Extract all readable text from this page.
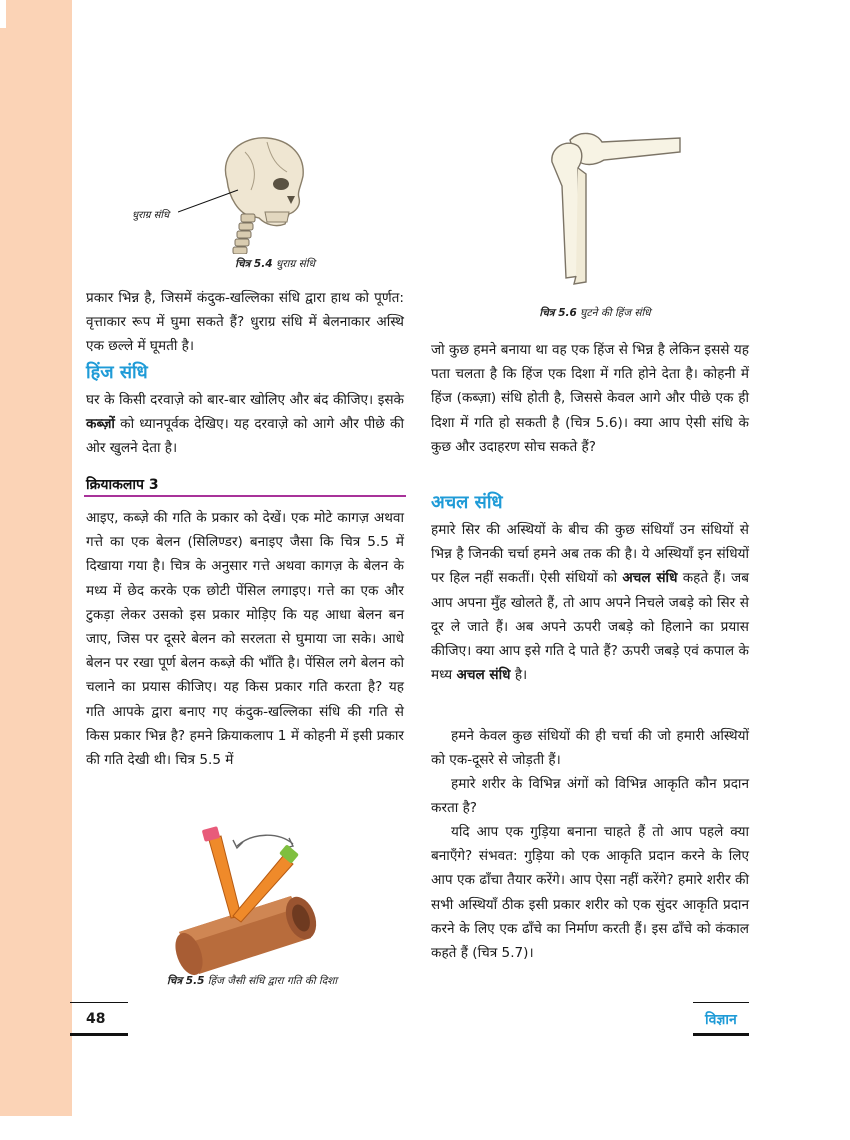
धुराग्र संधि
चित्र 5.4 धुराग्र संधि
चित्र 5.6 घुटने की हिंज संधि

प्रकार भिन्न है, जिसमें कंदुक-खल्लिका संधि द्वारा हाथ को पूर्णत: वृत्ताकार रूप में घुमा सकते हैं? धुराग्र संधि में बेलनाकार अस्थि एक छल्ले में घूमती है।

हिंज संधि

घर के किसी दरवाज़े को बार-बार खोलिए और बंद कीजिए। इसके कब्ज़ों को ध्यानपूर्वक देखिए। यह दरवाज़े को आगे और पीछे की ओर खुलने देता है।

क्रियाकलाप 3

आइए, कब्ज़े की गति के प्रकार को देखें। एक मोटे कागज़ अथवा गत्ते का एक बेलन (सिलिण्डर) बनाइए जैसा कि चित्र 5.5 में दिखाया गया है। चित्र के अनुसार गत्ते अथवा कागज़ के बेलन के मध्य में छेद करके एक छोटी पेंसिल लगाइए। गत्ते का एक और टुकड़ा लेकर उसको इस प्रकार मोड़िए कि यह आधा बेलन बन जाए, जिस पर दूसरे बेलन को सरलता से घुमाया जा सके। आधे बेलन पर रखा पूर्ण बेलन कब्ज़े की भाँति है। पेंसिल लगे बेलन को चलाने का प्रयास कीजिए। यह किस प्रकार गति करता है? यह गति आपके द्वारा बनाए गए कंदुक-खल्लिका संधि की गति से किस प्रकार भिन्न है? हमने क्रियाकलाप 1 में कोहनी में इसी प्रकार की गति देखी थी। चित्र 5.5 में

चित्र 5.5 हिंज जैसी संधि द्वारा गति की दिशा

जो कुछ हमने बनाया था वह एक हिंज से भिन्न है लेकिन इससे यह पता चलता है कि हिंज एक दिशा में गति होने देता है। कोहनी में हिंज (कब्ज़ा) संधि होती है, जिससे केवल आगे और पीछे एक ही दिशा में गति हो सकती है (चित्र 5.6)। क्या आप ऐसी संधि के कुछ और उदाहरण सोच सकते हैं?

अचल संधि

हमारे सिर की अस्थियों के बीच की कुछ संधियाँ उन संधियों से भिन्न है जिनकी चर्चा हमने अब तक की है। ये अस्थियाँ इन संधियों पर हिल नहीं सकतीं। ऐसी संधियों को अचल संधि कहते हैं। जब आप अपना मुँह खोलते हैं, तो आप अपने निचले जबड़े को सिर से दूर ले जाते हैं। अब अपने ऊपरी जबड़े को हिलाने का प्रयास कीजिए। क्या आप इसे गति दे पाते हैं? ऊपरी जबड़े एवं कपाल के मध्य अचल संधि है।

हमने केवल कुछ संधियों की ही चर्चा की जो हमारी अस्थियों को एक-दूसरे से जोड़ती हैं।

हमारे शरीर के विभिन्न अंगों को विभिन्न आकृति कौन प्रदान करता है?

यदि आप एक गुड़िया बनाना चाहते हैं तो आप पहले क्या बनाएँगे? संभवत: गुड़िया को एक आकृति प्रदान करने के लिए आप एक ढाँचा तैयार करेंगे। आप ऐसा नहीं करेंगे? हमारे शरीर की सभी अस्थियाँ ठीक इसी प्रकार शरीर को एक सुंदर आकृति प्रदान करने के लिए एक ढाँचे का निर्माण करती हैं। इस ढाँचे को कंकाल कहते हैं (चित्र 5.7)।

48	विज्ञान
